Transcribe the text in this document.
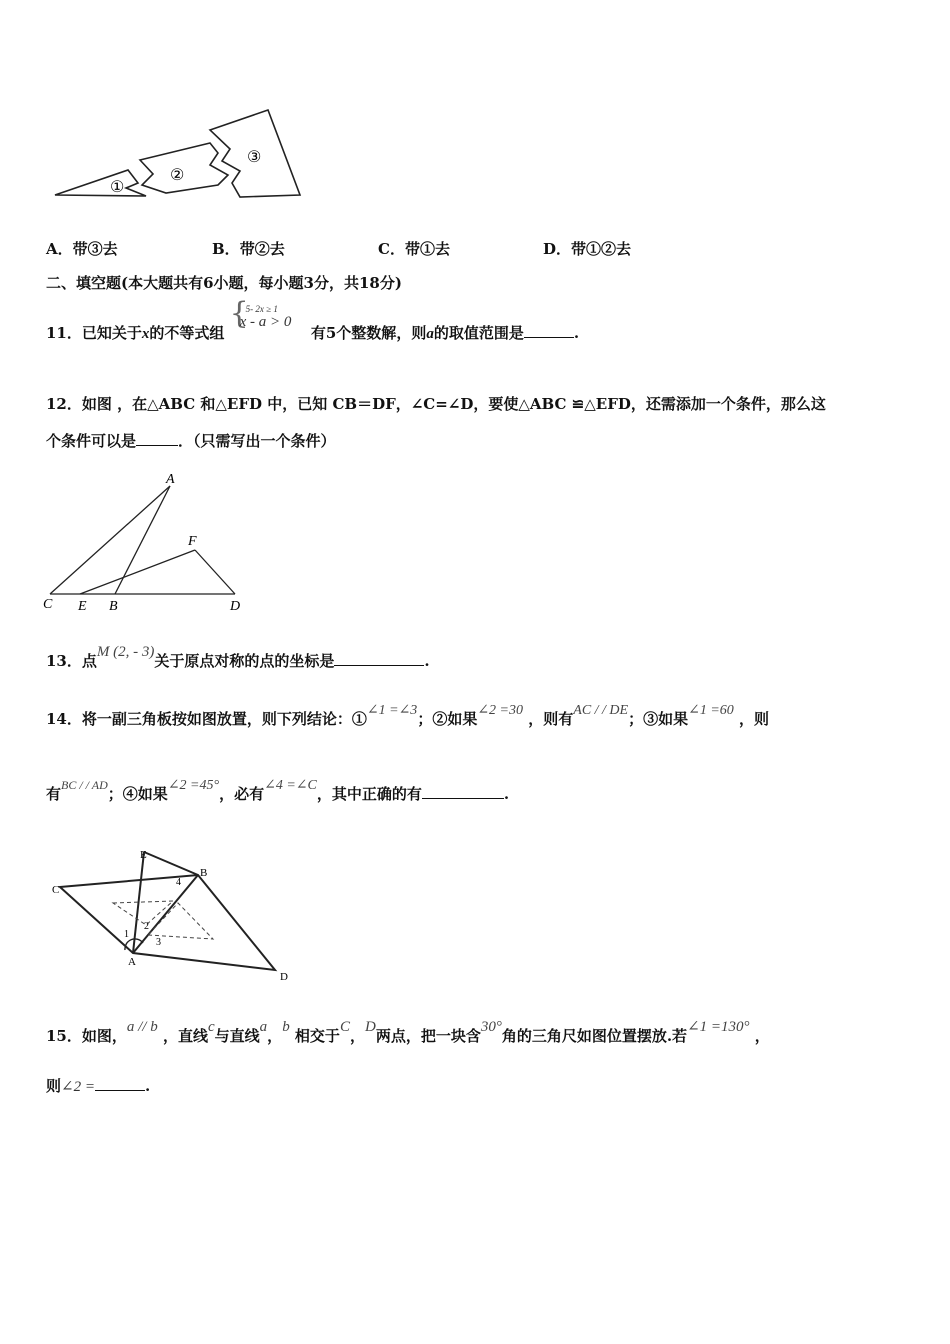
①
②
③
A．带③去	B．带②去	C．带①去	D．带①②去
二、填空题(本大题共有6小题，每小题3分，共18分)
11．已知关于x的不等式组
{
5- 2x ≥ 1
x - a > 0
有5个整数解，则a的取值范围是	.
12．如图 ，在△ABC 和△EFD 中，已知 CB＝DF，∠C=∠D，要使△ABC ≌△EFD，还需添加一个条件，那么这
个条件可以是	．（只需写出一个条件）
A
F
C E B	D
13．点M (2, - 3)关于原点对称的点的坐标是	.
14．将一副三角板按如图放置，则下列结论：①∠1 =∠3；②如果∠2 =30 ，则有AC / / DE；③如果∠1 =60 ，则
有$^{BC / / AD}$；④如果∠2 =45°，必有∠4 =∠C，其中正确的有	.
E
B
C
A
D
1
2
3
4
15．如图，a // b ，直线c与直线a，b 相交于C，D两点，把一块含30°角的三角尺如图位置摆放.若∠1 =130° ，
则∠2 =	.
